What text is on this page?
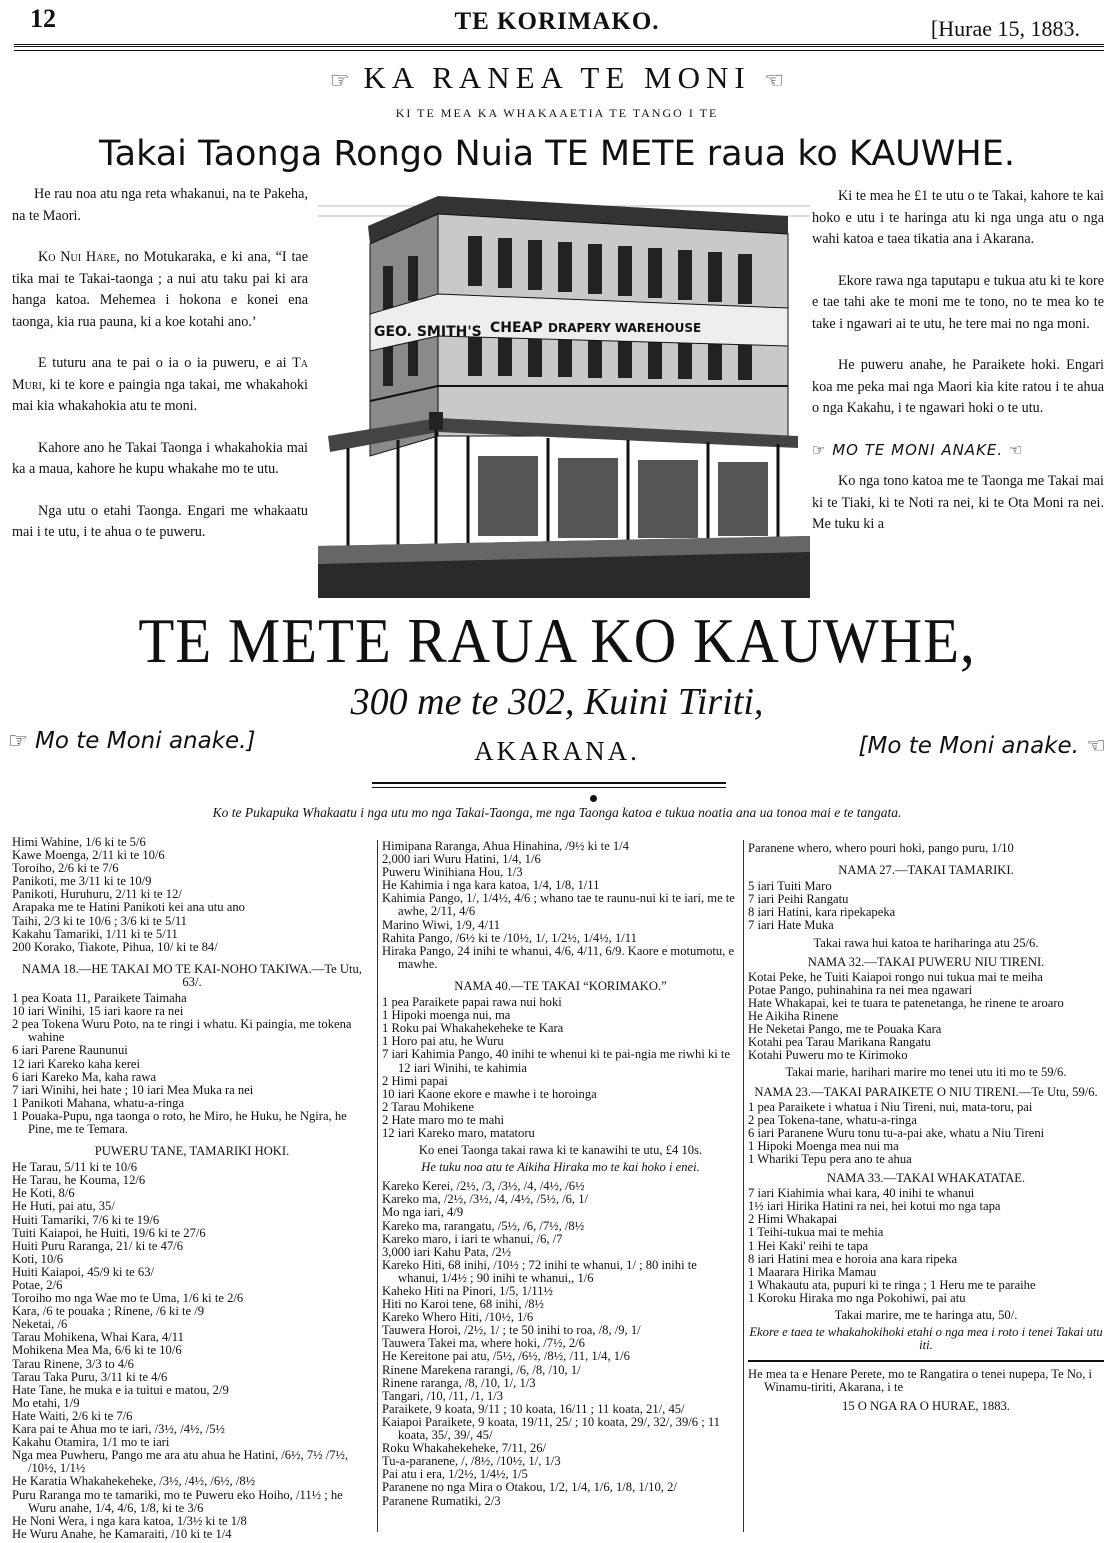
12	TE KORIMAKO.	[Hurae 15, 1883.
☞ KA RANEA TE MONI ☜
KI TE MEA KA WHAKAAETIA TE TANGO I TE
Takai Taonga Rongo Nuia TE METE raua ko KAUWHE.

He rau noa atu nga reta whakanui, na te Pakeha, na te Maori.

Ko Nui Hare, no Motukaraka, e ki ana, “I tae tika mai te Takai-taonga ; a nui atu taku pai ki ara hanga katoa. Mehemea i hokona e konei ena taonga, kia rua pauna, ki a koe kotahi ano.’

E tuturu ana te pai o ia o ia puweru, e ai Ta Muri, ki te kore e paingia nga takai, me whakahoki mai kia whakahokia atu te moni.

Kahore ano he Takai Taonga i whakahokia mai ka a maua, kahore he kupu whakahe mo te utu.

Nga utu o etahi Taonga. Engari me whakaatu mai i te utu, i te ahua o te puweru.

GEO. SMITH'S CHEAP DRAPERY WAREHOUSE

Ki te mea he £1 te utu o te Takai, kahore te kai hoko e utu i te haringa atu ki nga unga atu o nga wahi katoa e taea tikatia ana i Akarana.

Ekore rawa nga taputapu e tukua atu ki te kore e tae tahi ake te moni me te tono, no te mea ko te take i ngawari ai te utu, he tere mai no nga moni.

He puweru anahe, he Paraikete hoki. Engari koa me peka mai nga Maori kia kite ratou i te ahua o nga Kakahu, i te ngawari hoki o te utu.

☞ MO TE MONI ANAKE. ☜

Ko nga tono katoa me te Taonga me Takai mai ki te Tiaki, ki te Noti ra nei, ki te Ota Moni ra nei. Me tuku ki a

TE METE RAUA KO KAUWHE,
300 me te 302, Kuini Tiriti,
☞ Mo te Moni anake.]	AKARANA.	[Mo te Moni anake. ☜
Ko te Pukapuka Whakaatu i nga utu mo nga Takai-Taonga, me nga Taonga katoa e tukua noatia ana ua tonoa mai e te tangata.
Himi Wahine, 1/6 ki te 5/6
Kawe Moenga, 2/11 ki te 10/6
Toroiho, 2/6 ki te 7/6
Panikoti, me 3/11 ki te 10/9
Panikoti, Huruhuru, 2/11 ki te 12/
Arapaka me te Hatini Panikoti kei ana utu ano
Taihi, 2/3 ki te 10/6 ; 3/6 ki te 5/11
Kakahu Tamariki, 1/11 ki te 5/11
200 Korako, Tiakote, Pihua, 10/ ki te 84/
NAMA 18.—HE TAKAI MO TE KAI-NOHO TAKIWA.—Te Utu, 63/.
1 pea Koata 11, Paraikete Taimaha
10 iari Winihi, 15 iari kaore ra nei
2 pea Tokena Wuru Poto, na te ringi i whatu. Ki paingia, me tokena wahine
6 iari Parene Raununui
12 iari Kareko kaha kerei
6 iari Kareko Ma, kaha rawa
7 iari Winihi, hei hate ; 10 iari Mea Muka ra nei
1 Panikoti Mahana, whatu-a-ringa
1 Pouaka-Pupu, nga taonga o roto, he Miro, he Huku, he Ngira, he Pine, me te Temara.
PUWERU TANE, TAMARIKI HOKI.
He Tarau, 5/11 ki te 10/6
He Tarau, he Kouma, 12/6
He Koti, 8/6
He Huti, pai atu, 35/
Huiti Tamariki, 7/6 ki te 19/6
Tuiti Kaiapoi, he Huiti, 19/6 ki te 27/6
Huiti Puru Raranga, 21/ ki te 47/6
Koti, 10/6
Huiti Kaiapoi, 45/9 ki te 63/
Potae, 2/6
Toroiho mo nga Wae mo te Uma, 1/6 ki te 2/6
Kara, /6 te pouaka ; Rinene, /6 ki te /9
Neketai, /6
Tarau Mohikena, Whai Kara, 4/11
Mohikena Mea Ma, 6/6 ki te 10/6
Tarau Rinene, 3/3 to 4/6
Tarau Taka Puru, 3/11 ki te 4/6
Hate Tane, he muka e ia tuitui e matou, 2/9
Mo etahi, 1/9
Hate Waiti, 2/6 ki te 7/6
Kara pai te Ahua mo te iari, /3½, /4½, /5½
Kakahu Otamira, 1/1 mo te iari
Nga mea Puwheru, Pango me ara atu ahua he Hatini, /6½, 7½ /7½, /10½, 1/1½
He Karatia Whakahekeheke, /3½, /4½, /6½, /8½
Puru Raranga mo te tamariki, mo te Puweru eko Hoiho, /11½ ; he Wuru anahe, 1/4, 4/6, 1/8, ki te 3/6
He Noni Wera, i nga kara katoa, 1/3½ ki te 1/8
He Wuru Anahe, he Kamaraiti, /10 ki te 1/4
Himipana Raranga, Ahua Hinahina, /9½ ki te 1/4
2,000 iari Wuru Hatini, 1/4, 1/6
Puweru Winihiana Hou, 1/3
He Kahimia i nga kara katoa, 1/4, 1/8, 1/11
Kahimia Pango, 1/, 1/4½, 4/6 ; whano tae te raunu-nui ki te iari, me te awhe, 2/11, 4/6
Marino Wiwi, 1/9, 4/11
Rahita Pango, /6½ ki te /10½, 1/, 1/2½, 1/4½, 1/11
Hiraka Pango, 24 inihi te whanui, 4/6, 4/11, 6/9. Kaore e motumotu, e mawhe.
NAMA 40.—TE TAKAI “KORIMAKO.”
1 pea Paraikete papai rawa nui hoki
1 Hipoki moenga nui, ma
1 Roku pai Whakahekeheke te Kara
1 Horo pai atu, he Wuru
7 iari Kahimia Pango, 40 inihi te whenui ki te pai-ngia me riwhi ki te 12 iari Winihi, te kahimia
2 Himi papai
10 iari Kaone ekore e mawhe i te horoinga
2 Tarau Mohikene
2 Hate maro mo te mahi
12 iari Kareko maro, matatoru
Ko enei Taonga takai rawa ki te kanawihi te utu, £4 10s.
He tuku noa atu te Aikiha Hiraka mo te kai hoko i enei.
Kareko Kerei, /2½, /3, /3½, /4, /4½, /6½
Kareko ma, /2½, /3½, /4, /4½, /5½, /6, 1/
Mo nga iari, 4/9
Kareko ma, rarangatu, /5½, /6, /7½, /8½
Kareko maro, i iari te whanui, /6, /7
3,000 iari Kahu Pata, /2½
Kareko Hiti, 68 inihi, /10½ ; 72 inihi te whanui, 1/ ; 80 inihi te whanui, 1/4½ ; 90 inihi te whanui,, 1/6
Kaheko Hiti na Pinori, 1/5, 1/11½
Hiti no Karoi tene, 68 inihi, /8½
Kareko Whero Hiti, /10½, 1/6
Tauwera Horoi, /2½, 1/ ; te 50 inihi to roa, /8, /9, 1/
Tauwera Takei ma, where hoki, /7½, 2/6
He Kereitone pai atu, /5½, /6½, /8½, /11, 1/4, 1/6
Rinene Marekena rarangi, /6, /8, /10, 1/
Rinene raranga, /8, /10, 1/, 1/3
Tangari, /10, /11, /1, 1/3
Paraikete, 9 koata, 9/11 ; 10 koata, 16/11 ; 11 koata, 21/, 45/
Kaiapoi Paraikete, 9 koata, 19/11, 25/ ; 10 koata, 29/, 32/, 39/6 ; 11 koata, 35/, 39/, 45/
Roku Whakahekeheke, 7/11, 26/
Tu-a-paranene, /, /8½, /10½, 1/, 1/3
Pai atu i era, 1/2½, 1/4½, 1/5
Paranene no nga Mira o Otakou, 1/2, 1/4, 1/6, 1/8, 1/10, 2/
Paranene Rumatiki, 2/3
Paranene whero, whero pouri hoki, pango puru, 1/10
NAMA 27.—TAKAI TAMARIKI.
5 iari Tuiti Maro
7 iari Peihi Rangatu
8 iari Hatini, kara ripekapeka
7 iari Hate Muka
Takai rawa hui katoa te hariharinga atu 25/6.
NAMA 32.—TAKAI PUWERU NIU TIRENI.
Kotai Peke, he Tuiti Kaiapoi rongo nui tukua mai te meiha
Potae Pango, puhinahina ra nei mea ngawari
Hate Whakapai, kei te tuara te patenetanga, he rinene te aroaro
He Aikiha Rinene
He Neketai Pango, me te Pouaka Kara
Kotahi pea Tarau Marikana Rangatu
Kotahi Puweru mo te Kirimoko
Takai marie, harihari marire mo tenei utu iti mo te 59/6.
NAMA 23.—TAKAI PARAIKETE O NIU TIRENI.—Te Utu, 59/6.
1 pea Paraikete i whatua i Niu Tireni, nui, mata-toru, pai
2 pea Tokena-tane, whatu-a-ringa
6 iari Paranene Wuru tonu tu-a-pai ake, whatu a Niu Tireni
1 Hipoki Moenga mea nui ma
1 Whariki Tepu pera ano te ahua
NAMA 33.—TAKAI WHAKATATAE.
7 iari Kiahimia whai kara, 40 inihi te whanui
1½ iari Hirika Hatini ra nei, hei kotui mo nga tapa
2 Himi Whakapai
1 Teihi-tukua mai te mehia
1 Hei Kaki' reihi te tapa
8 iari Hatini mea e horoia ana kara ripeka
1 Maarara Hirika Mamau
1 Whakautu ata, pupuri ki te ringa ; 1 Heru me te paraihe
1 Koroku Hiraka mo nga Pokohiwi, pai atu
Takai marire, me te haringa atu, 50/.
Ekore e taea te whakahokihoki etahi o nga mea i roto i tenei Takai utu iti.
He mea ta e Henare Perete, mo te Rangatira o tenei nupepa, Te No, i Winamu-tiriti, Akarana, i te
15 O NGA RA O HURAE, 1883.
